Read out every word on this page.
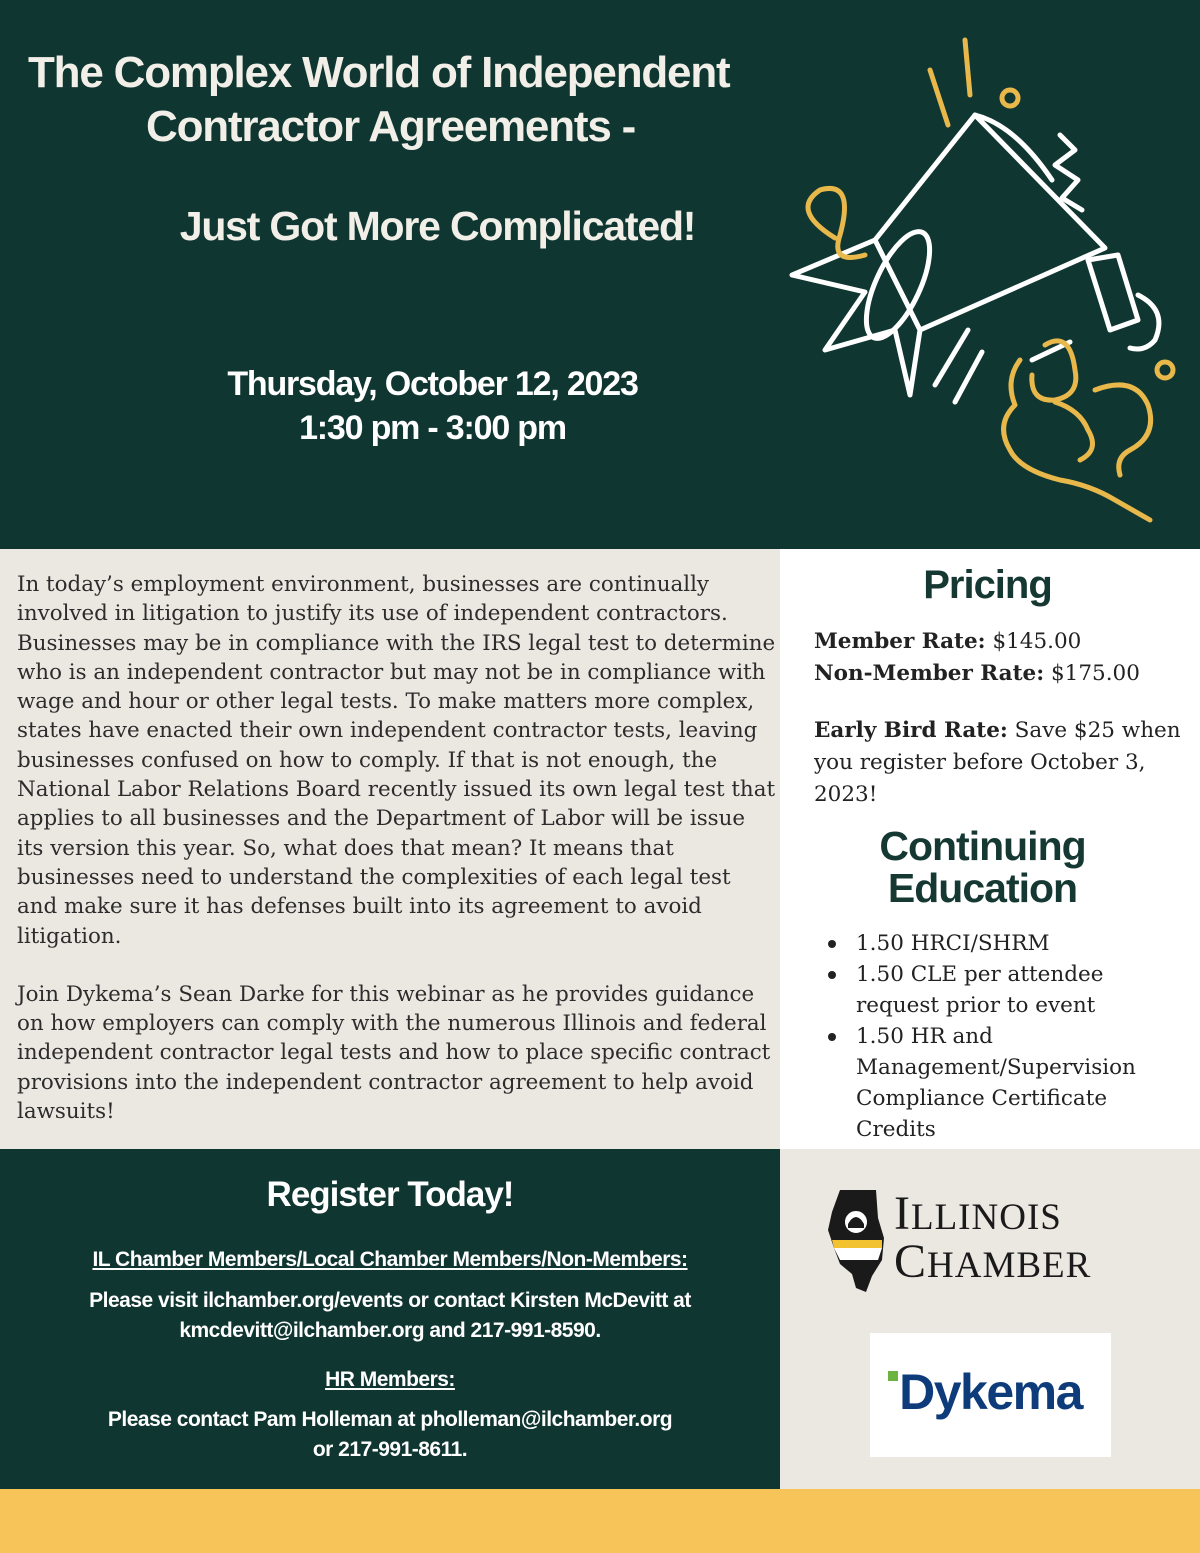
The Complex World of Independent
Contractor Agreements -
Just Got More Complicated!
Thursday, October 12, 2023
1:30 pm - 3:00 pm

In today’s employment environment, businesses are continually involved in litigation to justify its use of independent contractors. Businesses may be in compliance with the IRS legal test to determine who is an independent contractor but may not be in compliance with wage and hour or other legal tests. To make matters more complex, states have enacted their own independent contractor tests, leaving businesses confused on how to comply. If that is not enough, the National Labor Relations Board recently issued its own legal test that applies to all businesses and the Department of Labor will be issue its version this year. So, what does that mean? It means that businesses need to understand the complexities of each legal test and make sure it has defenses built into its agreement to avoid litigation.

Join Dykema’s Sean Darke for this webinar as he provides guidance on how employers can comply with the numerous Illinois and federal independent contractor legal tests and how to place specific contract provisions into the independent contractor agreement to help avoid lawsuits!

Pricing
Member Rate: $145.00
Non-Member Rate: $175.00
Early Bird Rate: Save $25 when you register before October 3, 2023!
Continuing
Education
1.50 HRCI/SHRM
1.50 CLE per attendee request prior to event
1.50 HR and Management/Supervision Compliance Certificate Credits
Register Today!
IL Chamber Members/Local Chamber Members/Non-Members:
Please visit ilchamber.org/events or contact Kirsten McDevitt at
kmcdevitt@ilchamber.org and 217-991-8590.
HR Members:
Please contact Pam Holleman at pholleman@ilchamber.org
or 217-991-8611.
ILLINOIS
CHAMBER
Dykema
